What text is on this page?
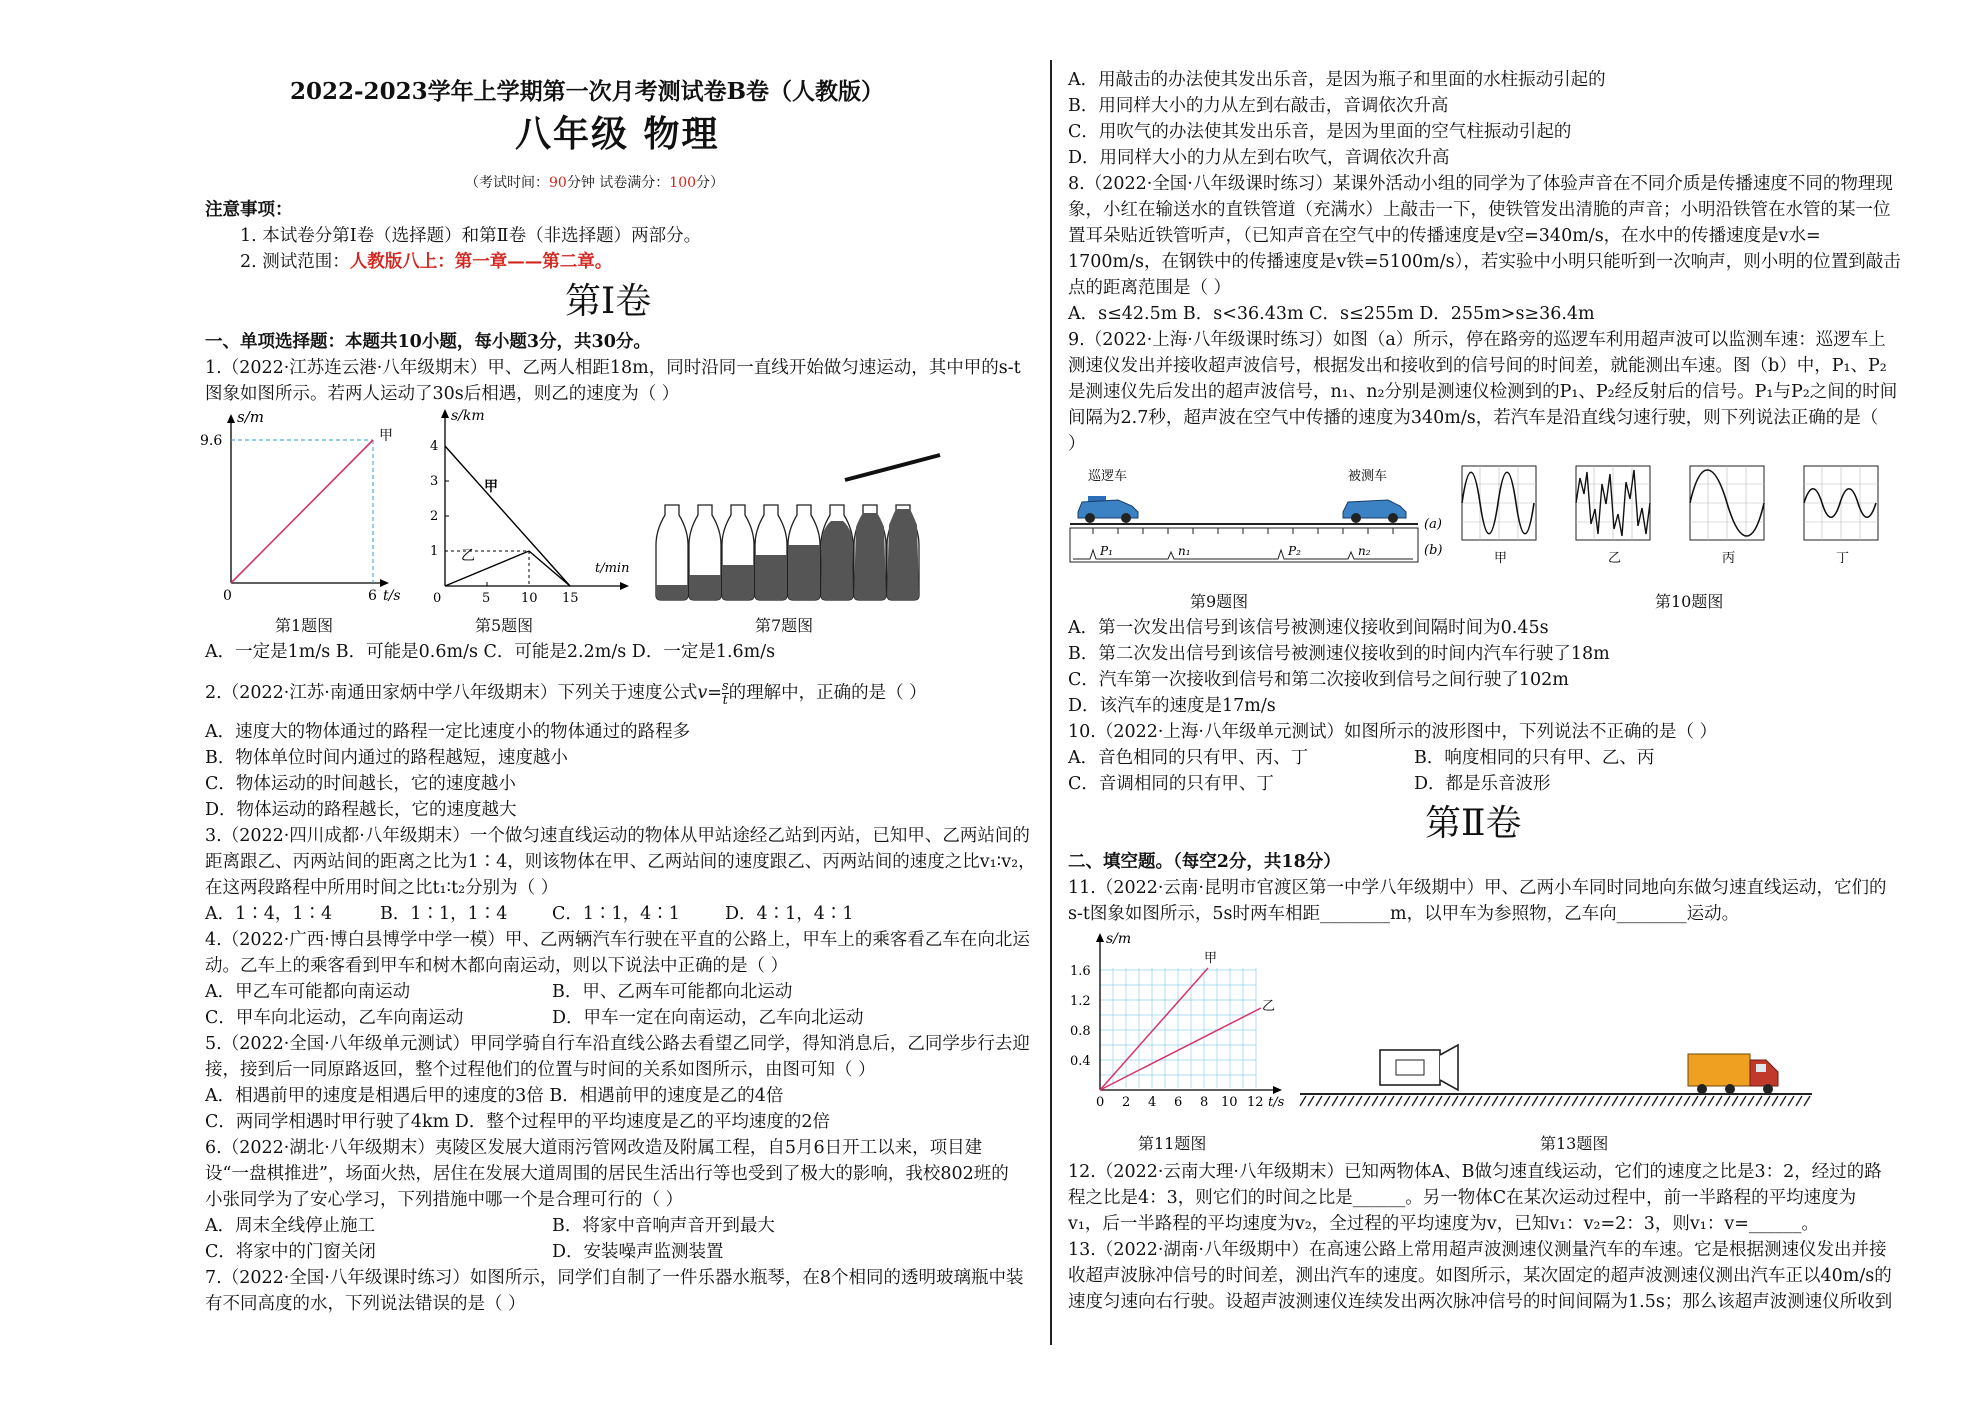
2022-2023学年上学期第一次月考测试卷B卷（人教版）
八年级 物理
（考试时间：90分钟 试卷满分：100分）
注意事项：
1. 本试卷分第Ⅰ卷（选择题）和第Ⅱ卷（非选择题）两部分。
2. 测试范围：人教版八上：第一章——第二章。
第Ⅰ卷
一、单项选择题：本题共10小题，每小题3分，共30分。
1.（2022·江苏连云港·八年级期末）甲、乙两人相距18m，同时沿同一直线开始做匀速运动，其中甲的s-t
图象如图所示。若两人运动了30s后相遇，则乙的速度为（ ）
s/m
9.6	甲
0	6 t/s
s/km
1
2
3
4
甲
乙
0	5 10 15
t/min
第1题图	第5题图	第7题图
A．一定是1m/s B．可能是0.6m/s C．可能是2.2m/s D．一定是1.6m/s
2.（2022·江苏·南通田家炳中学八年级期末）下列关于速度公式$v= \frac{s}{t}$ 的理解中，正确的是（ ）
A．速度大的物体通过的路程一定比速度小的物体通过的路程多
B．物体单位时间内通过的路程越短，速度越小
C．物体运动的时间越长，它的速度越小
D．物体运动的路程越长，它的速度越大
3.（2022·四川成都·八年级期末）一个做匀速直线运动的物体从甲站途经乙站到丙站，已知甲、乙两站间的
距离跟乙、丙两站间的距离之比为1∶4，则该物体在甲、乙两站间的速度跟乙、丙两站间的速度之比v₁∶v₂，
在这两段路程中所用时间之比t₁∶t₂分别为（ ）
A．1∶4，1∶4	B．1∶1，1∶4	C．1∶1，4∶1	D．4∶1，4∶1
4.（2022·广西·博白县博学中学一模）甲、乙两辆汽车行驶在平直的公路上，甲车上的乘客看乙车在向北运
动。乙车上的乘客看到甲车和树木都向南运动，则以下说法中正确的是（ ）
A．甲乙车可能都向南运动	B．甲、乙两车可能都向北运动
C．甲车向北运动，乙车向南运动	D．甲车一定在向南运动，乙车向北运动
5.（2022·全国·八年级单元测试）甲同学骑自行车沿直线公路去看望乙同学，得知消息后，乙同学步行去迎
接，接到后一同原路返回，整个过程他们的位置与时间的关系如图所示，由图可知（ ）
A．相遇前甲的速度是相遇后甲的速度的3倍 B．相遇前甲的速度是乙的4倍
C．两同学相遇时甲行驶了4km D．整个过程甲的平均速度是乙的平均速度的2倍
6.（2022·湖北·八年级期末）夷陵区发展大道雨污管网改造及附属工程，自5月6日开工以来，项目建
设“一盘棋推进”，场面火热，居住在发展大道周围的居民生活出行等也受到了极大的影响，我校802班的
小张同学为了安心学习，下列措施中哪一个是合理可行的（ ）
A．周末全线停止施工	B．将家中音响声音开到最大
C．将家中的门窗关闭	D．安装噪声监测装置
7.（2022·全国·八年级课时练习）如图所示，同学们自制了一件乐器水瓶琴，在8个相同的透明玻璃瓶中装
有不同高度的水，下列说法错误的是（ ）
A．用敲击的办法使其发出乐音，是因为瓶子和里面的水柱振动引起的
B．用同样大小的力从左到右敲击，音调依次升高
C．用吹气的办法使其发出乐音，是因为里面的空气柱振动引起的
D．用同样大小的力从左到右吹气，音调依次升高
8.（2022·全国·八年级课时练习）某课外活动小组的同学为了体验声音在不同介质是传播速度不同的物理现
象，小红在输送水的直铁管道（充满水）上敲击一下，使铁管发出清脆的声音；小明沿铁管在水管的某一位
置耳朵贴近铁管听声，（已知声音在空气中的传播速度是v空=340m/s，在水中的传播速度是v水=
1700m/s，在钢铁中的传播速度是v铁=5100m/s），若实验中小明只能听到一次响声，则小明的位置到敲击
点的距离范围是（ ）
A．s≤42.5m B．s<36.43m C．s≤255m D．255m>s≥36.4m
9.（2022·上海·八年级课时练习）如图（a）所示，停在路旁的巡逻车利用超声波可以监测车速：巡逻车上
测速仪发出并接收超声波信号，根据发出和接收到的信号间的时间差，就能测出车速。图（b）中，P₁、P₂
是测速仪先后发出的超声波信号，n₁、n₂分别是测速仪检测到的P₁、P₂经反射后的信号。P₁与P₂之间的时间
间隔为2.7秒，超声波在空气中传播的速度为340m/s，若汽车是沿直线匀速行驶，则下列说法正确的是（
）
巡逻车	被测车
(a)
P₁	n₁	P₂	n₂	(b)
甲	乙	丙	丁
第9题图	第10题图
A．第一次发出信号到该信号被测速仪接收到间隔时间为0.45s
B．第二次发出信号到该信号被测速仪接收到的时间内汽车行驶了18m
C．汽车第一次接收到信号和第二次接收到信号之间行驶了102m
D．该汽车的速度是17m/s
10.（2022·上海·八年级单元测试）如图所示的波形图中，下列说法不正确的是（ ）
A．音色相同的只有甲、丙、丁	B．响度相同的只有甲、乙、丙
C．音调相同的只有甲、丁	D．都是乐音波形
第Ⅱ卷
二、填空题。（每空2分，共18分）
11.（2022·云南·昆明市官渡区第一中学八年级期中）甲、乙两小车同时同地向东做匀速直线运动，它们的
s-t图象如图所示，5s时两车相距________m，以甲车为参照物，乙车向________运动。
s/m
0.4
0.8
1.2
1.6
甲
乙
0 2 4 6 8 10 12 t/s
第11题图	第13题图
12.（2022·云南大理·八年级期末）已知两物体A、B做匀速直线运动，它们的速度之比是3：2，经过的路
程之比是4：3，则它们的时间之比是______。另一物体C在某次运动过程中，前一半路程的平均速度为
v₁，后一半路程的平均速度为v₂，全过程的平均速度为v，已知v₁：v₂=2：3，则v₁：v=______。
13.（2022·湖南·八年级期中）在高速公路上常用超声波测速仪测量汽车的车速。它是根据测速仪发出并接
收超声波脉冲信号的时间差，测出汽车的速度。如图所示，某次固定的超声波测速仪测出汽车正以40m/s的
速度匀速向右行驶。设超声波测速仪连续发出两次脉冲信号的时间间隔为1.5s；那么该超声波测速仪所收到
